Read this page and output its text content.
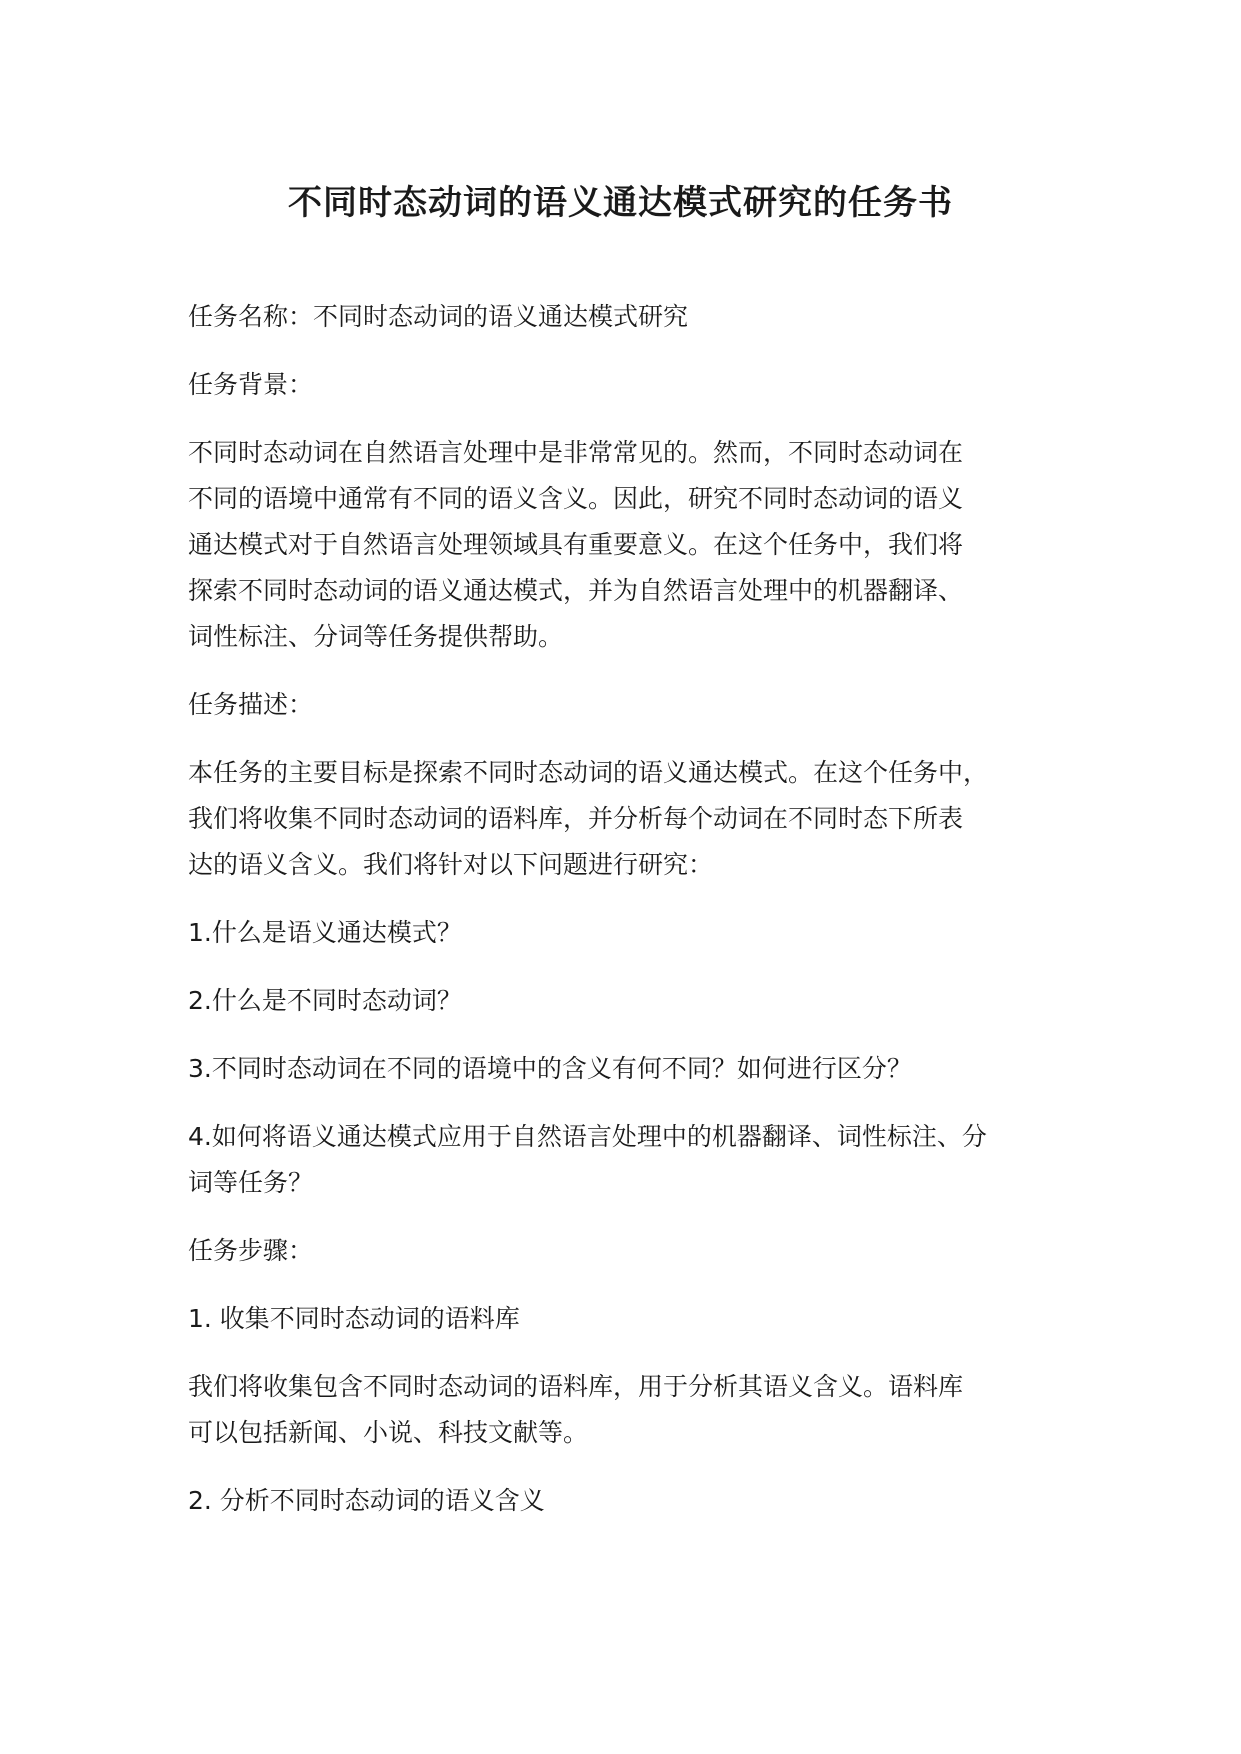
不同时态动词的语义通达模式研究的任务书

任务名称：不同时态动词的语义通达模式研究

任务背景：

不同时态动词在自然语言处理中是非常常见的。然而，不同时态动词在
不同的语境中通常有不同的语义含义。因此，研究不同时态动词的语义
通达模式对于自然语言处理领域具有重要意义。在这个任务中，我们将
探索不同时态动词的语义通达模式，并为自然语言处理中的机器翻译、
词性标注、分词等任务提供帮助。

任务描述：

本任务的主要目标是探索不同时态动词的语义通达模式。在这个任务中，
我们将收集不同时态动词的语料库，并分析每个动词在不同时态下所表
达的语义含义。我们将针对以下问题进行研究：

1.什么是语义通达模式？

2.什么是不同时态动词？

3.不同时态动词在不同的语境中的含义有何不同？如何进行区分？

4.如何将语义通达模式应用于自然语言处理中的机器翻译、词性标注、分
词等任务？

任务步骤：

1. 收集不同时态动词的语料库

我们将收集包含不同时态动词的语料库，用于分析其语义含义。语料库
可以包括新闻、小说、科技文献等。

2. 分析不同时态动词的语义含义
